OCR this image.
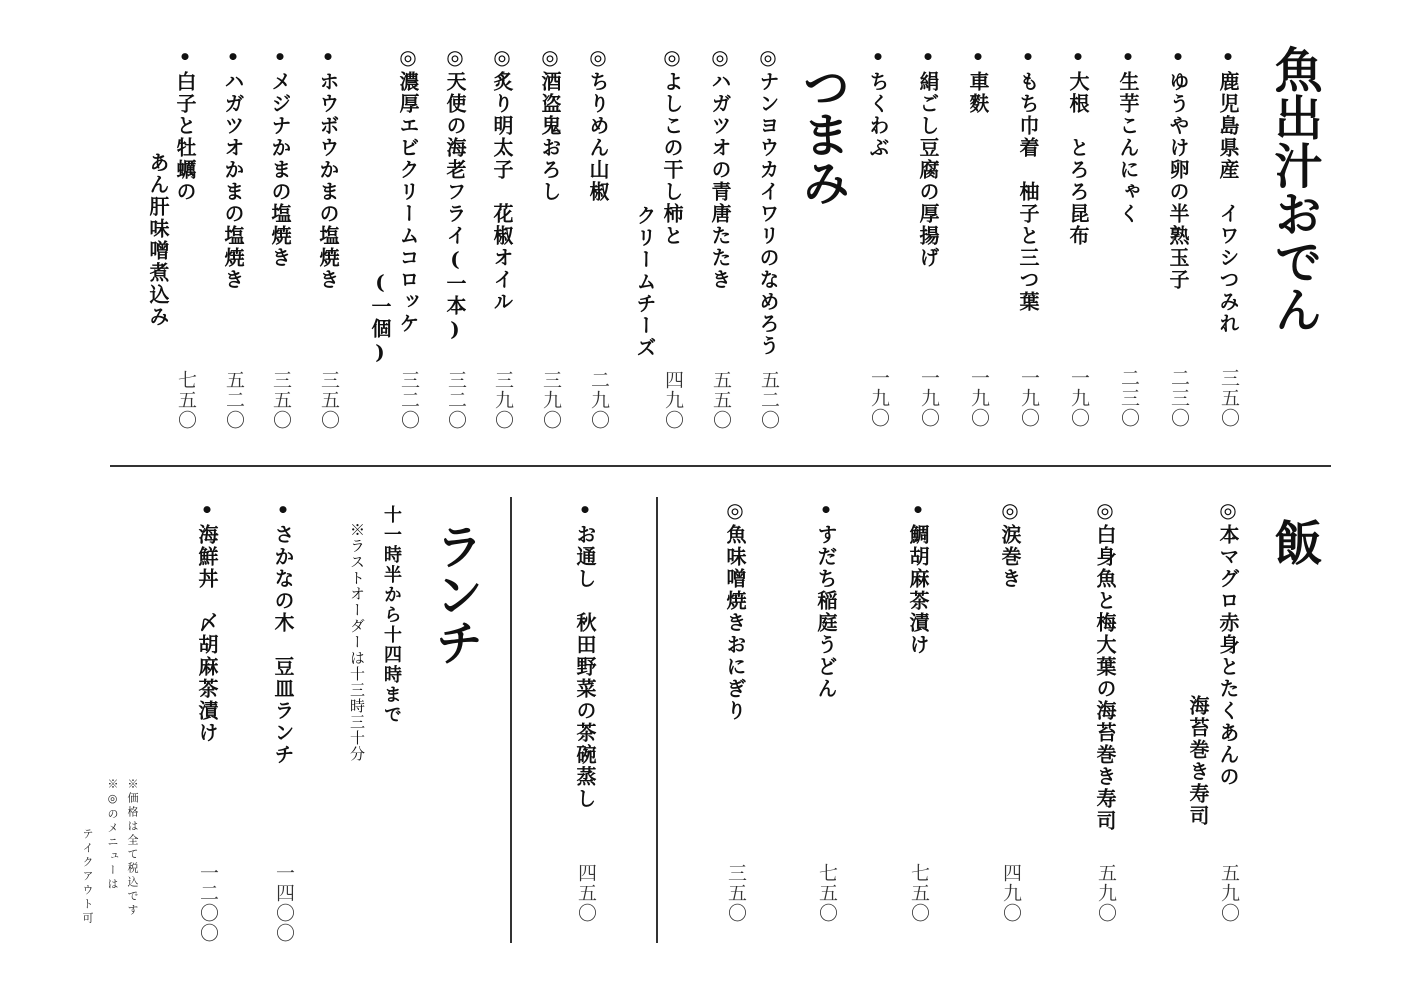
魚出汁おでん
•鹿児島県産　イワシつみれ
•ゆうやけ卵の半熟玉子
•生芋こんにゃく
•大根　とろろ昆布
•もち巾着　柚子と三つ葉
•車麩
•絹ごし豆腐の厚揚げ
•ちくわぶ
三五〇
二三〇
二三〇
一九〇
一九〇
一九〇
一九〇
一九〇
つまみ
◎ナンヨウカイワリのなめろう
◎ハガツオの青唐たたき
◎よしこの干し柿と
クリームチーズ
◎ちりめん山椒
◎酒盗鬼おろし
◎炙り明太子　花椒オイル
◎天使の海老フライ(一本)
◎濃厚エビクリームコロッケ
(一個)
•ホウボウかまの塩焼き
•メジナかまの塩焼き
•ハガツオかまの塩焼き
•白子と牡蠣の
あん肝味噌煮込み
五二〇
五五〇
四九〇
二九〇
三九〇
三九〇
三二〇
三二〇
三五〇
三五〇
五二〇
七五〇
飯
◎本マグロ赤身とたくあんの
海苔巻き寿司
◎白身魚と梅大葉の海苔巻き寿司
◎涙巻き
•鯛胡麻茶漬け
•すだち稲庭うどん
◎魚味噌焼きおにぎり
五九〇
五九〇
四九〇
七五〇
七五〇
三五〇
•お通し　秋田野菜の茶碗蒸し
四五〇
ランチ
十一時半から十四時まで
※ラストオーダーは十三時三十分
•さかなの木　豆皿ランチ
•海鮮丼　〆胡麻茶漬け
一四〇〇
一二〇〇
※価格は全て税込です
※◎のメニューは
テイクアウト可
